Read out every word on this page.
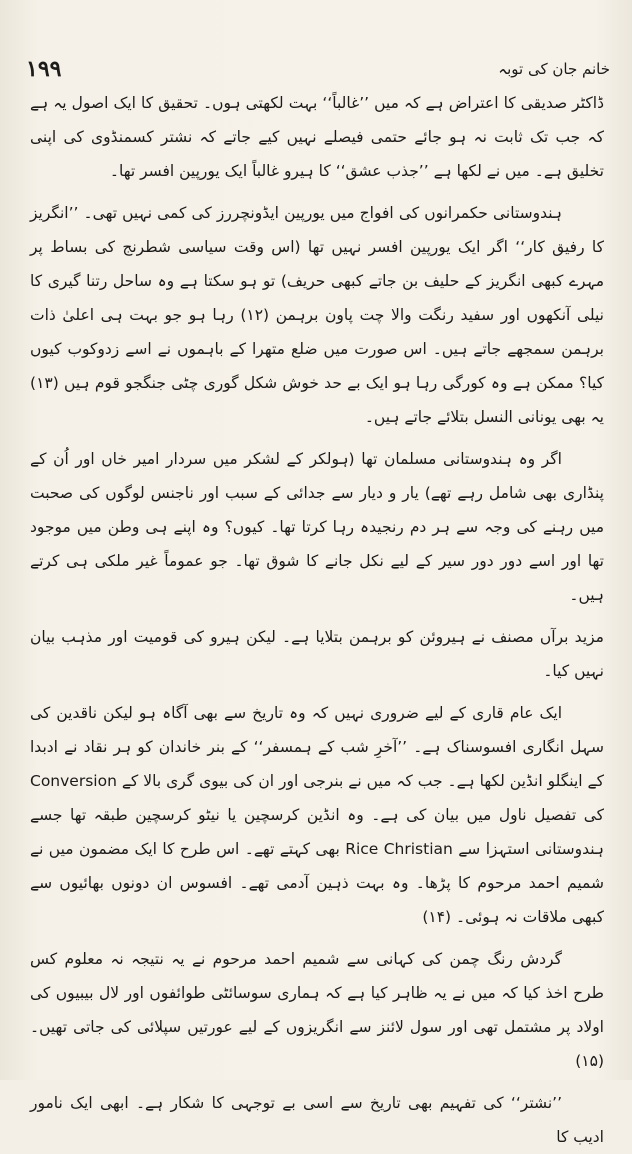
۱۹۹	خانم جان کی توبہ

ڈاکٹر صدیقی کا اعتراض ہے کہ میں ’’غالباً‘‘ بہت لکھتی ہوں۔ تحقیق کا ایک اصول یہ ہے کہ جب تک ثابت نہ ہو جائے حتمی فیصلے نہیں کیے جاتے کہ نشتر کسمنڈوی کی اپنی تخلیق ہے۔ میں نے لکھا ہے ’’جذب عشق‘‘ کا ہیرو غالباً ایک یورپین افسر تھا۔

ہندوستانی حکمرانوں کی افواج میں یورپین ایڈونچررز کی کمی نہیں تھی۔ ’’انگریز کا رفیق کار‘‘ اگر ایک یورپین افسر نہیں تھا (اس وقت سیاسی شطرنج کی بساط پر مہرے کبھی انگریز کے حلیف بن جاتے کبھی حریف) تو ہو سکتا ہے وہ ساحل رتنا گیری کا نیلی آنکھوں اور سفید رنگت والا چت پاون برہمن (۱۲) رہا ہو جو بہت ہی اعلیٰ ذات برہمن سمجھے جاتے ہیں۔ اس صورت میں ضلع متھرا کے باہموں نے اسے زدوکوب کیوں کیا؟ ممکن ہے وہ کورگی رہا ہو ایک بے حد خوش شکل گوری چٹی جنگجو قوم ہیں (۱۳) یہ بھی یونانی النسل بتلائے جاتے ہیں۔

اگر وہ ہندوستانی مسلمان تھا (ہولکر کے لشکر میں سردار امیر خاں اور اُن کے پنڈاری بھی شامل رہے تھے) یار و دیار سے جدائی کے سبب اور ناجنس لوگوں کی صحبت میں رہنے کی وجہ سے ہر دم رنجیدہ رہا کرتا تھا۔ کیوں؟ وہ اپنے ہی وطن میں موجود تھا اور اسے دور دور سیر کے لیے نکل جانے کا شوق تھا۔ جو عموماً غیر ملکی ہی کرتے ہیں۔

مزید برآں مصنف نے ہیروئن کو برہمن بتلایا ہے۔ لیکن ہیرو کی قومیت اور مذہب بیان نہیں کیا۔

ایک عام قاری کے لیے ضروری نہیں کہ وہ تاریخ سے بھی آگاہ ہو لیکن ناقدین کی سہل انگاری افسوسناک ہے۔ ’’آخرِ شب کے ہمسفر‘‘ کے بنر خاندان کو ہر نقاد نے ادبدا کے اینگلو انڈین لکھا ہے۔ جب کہ میں نے بنرجی اور ان کی بیوی گری بالا کے Conversion کی تفصیل ناول میں بیان کی ہے۔ وہ انڈین کرسچین یا نیٹو کرسچین طبقہ تھا جسے ہندوستانی استہزا سے Rice Christian بھی کہتے تھے۔ اس طرح کا ایک مضمون میں نے شمیم احمد مرحوم کا پڑھا۔ وہ بہت ذہین آدمی تھے۔ افسوس ان دونوں بھائیوں سے کبھی ملاقات نہ ہوئی۔ (۱۴)

گردش رنگ چمن کی کہانی سے شمیم احمد مرحوم نے یہ نتیجہ نہ معلوم کس طرح اخذ کیا کہ میں نے یہ ظاہر کیا ہے کہ ہماری سوسائٹی طوائفوں اور لال بیبیوں کی اولاد پر مشتمل تھی اور سول لائنز سے انگریزوں کے لیے عورتیں سپلائی کی جاتی تھیں۔ (۱۵)

’’نشتر‘‘ کی تفہیم بھی تاریخ سے اسی بے توجہی کا شکار ہے۔ ابھی ایک نامور ادیب کا
